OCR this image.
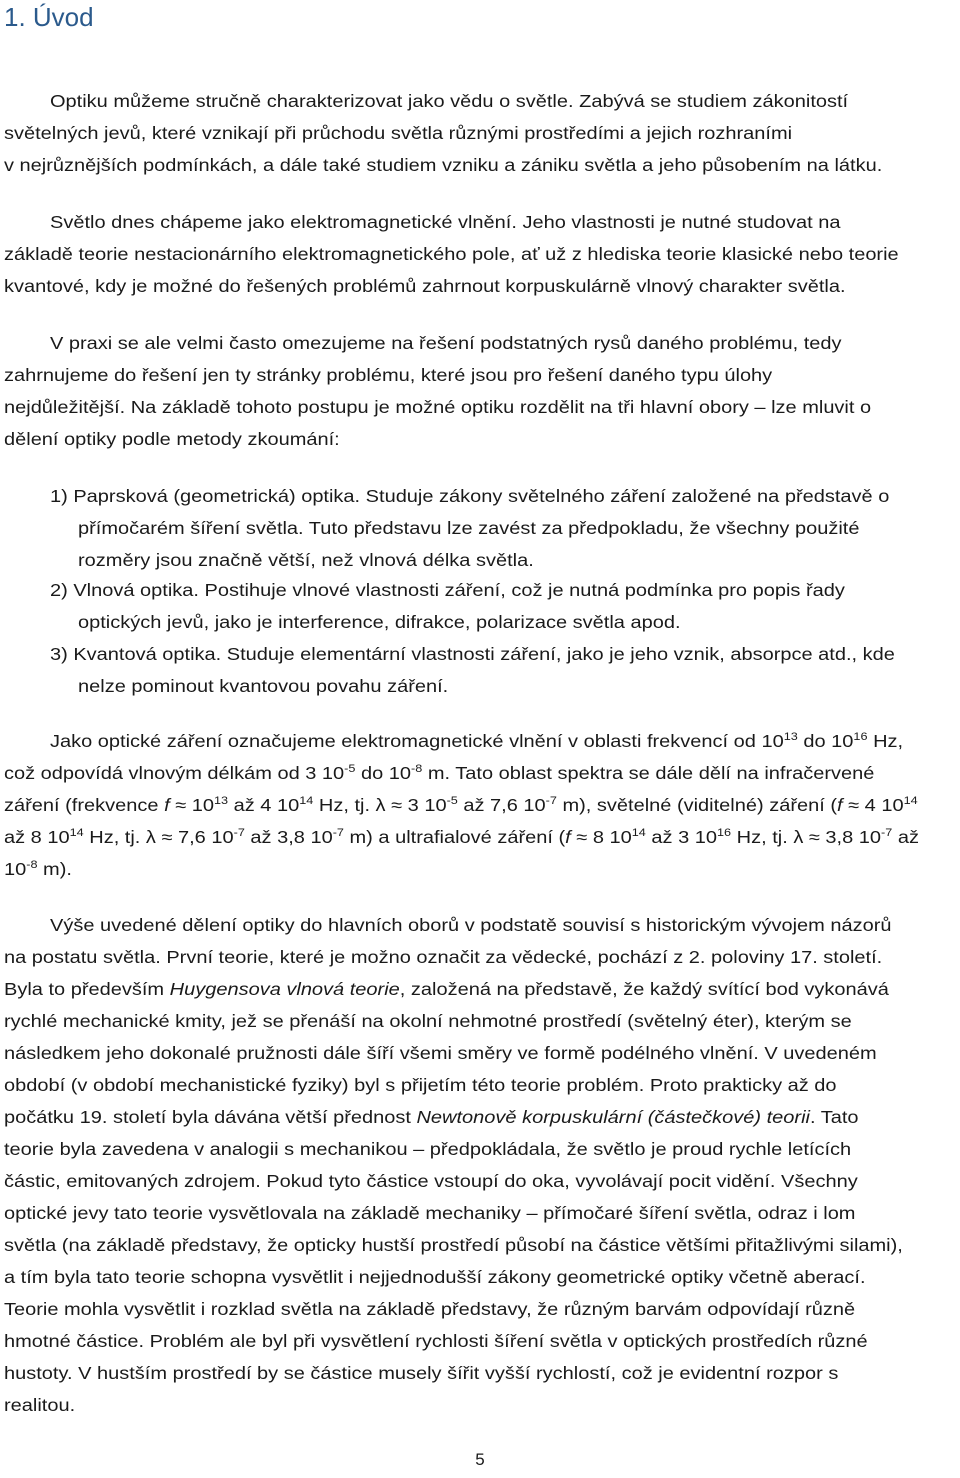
1. Úvod
Optiku můžeme stručně charakterizovat jako vědu o světle. Zabývá se studiem zákonitostí
světelných jevů, které vznikají při průchodu světla různými prostředími a jejich rozhraními
v nejrůznějších podmínkách, a dále také studiem vzniku a zániku světla a jeho působením na látku.
Světlo dnes chápeme jako elektromagnetické vlnění. Jeho vlastnosti je nutné studovat na
základě teorie nestacionárního elektromagnetického pole, ať už z hlediska teorie klasické nebo teorie
kvantové, kdy je možné do řešených problémů zahrnout korpuskulárně vlnový charakter světla.
V praxi se ale velmi často omezujeme na řešení podstatných rysů daného problému, tedy
zahrnujeme do řešení jen ty stránky problému, které jsou pro řešení daného typu úlohy
nejdůležitější. Na základě tohoto postupu je možné optiku rozdělit na tři hlavní obory – lze mluvit o
dělení optiky podle metody zkoumání:
1) Paprsková (geometrická) optika. Studuje zákony světelného záření založené na představě o
přímočarém šíření světla. Tuto představu lze zavést za předpokladu, že všechny použité
rozměry jsou značně větší, než vlnová délka světla.
2) Vlnová optika. Postihuje vlnové vlastnosti záření, což je nutná podmínka pro popis řady
optických jevů, jako je interference, difrakce, polarizace světla apod.
3) Kvantová optika. Studuje elementární vlastnosti záření, jako je jeho vznik, absorpce atd., kde
nelze pominout kvantovou povahu záření.
Jako optické záření označujeme elektromagnetické vlnění v oblasti frekvencí od $10^{13}$ do $10^{16}$ Hz,
což odpovídá vlnovým délkám od 3 $10^{-5}$ do $10^{-8}$ m. Tato oblast spektra se dále dělí na infračervené
záření (frekvence $f \approx 10^{13}$ až 4 $10^{14}$ Hz, tj. λ ≈ 3 $10^{-5}$ až 7,6 $10^{-7}$ m), světelné (viditelné) záření (f ≈ 4 $10^{14}$
až 8 $10^{14}$ Hz, tj. λ ≈ 7,6 $10^{-7}$ až 3,8 $10^{-7}$ m) a ultrafialové záření (f ≈ 8 $10^{14}$ až 3 $10^{16}$ Hz, tj. λ ≈ 3,8 $10^{-7}$ až
$10^{-8}$ m).
Výše uvedené dělení optiky do hlavních oborů v podstatě souvisí s historickým vývojem názorů
na postatu světla. První teorie, které je možno označit za vědecké, pochází z 2. poloviny 17. století.
Byla to především Huygensova vlnová teorie, založená na představě, že každý svítící bod vykonává
rychlé mechanické kmity, jež se přenáší na okolní nehmotné prostředí (světelný éter), kterým se
následkem jeho dokonalé pružnosti dále šíří všemi směry ve formě podélného vlnění. V uvedeném
období (v období mechanistické fyziky) byl s přijetím této teorie problém. Proto prakticky až do
počátku 19. století byla dávána větší přednost Newtonově korpuskulární (částečkové) teorii. Tato
teorie byla zavedena v analogii s mechanikou – předpokládala, že světlo je proud rychle letících
částic, emitovaných zdrojem. Pokud tyto částice vstoupí do oka, vyvolávají pocit vidění. Všechny
optické jevy tato teorie vysvětlovala na základě mechaniky – přímočaré šíření světla, odraz i lom
světla (na základě představy, že opticky hustší prostředí působí na částice většími přitažlivými silami),
a tím byla tato teorie schopna vysvětlit i nejjednodušší zákony geometrické optiky včetně aberací.
Teorie mohla vysvětlit i rozklad světla na základě představy, že různým barvám odpovídají různě
hmotné částice. Problém ale byl při vysvětlení rychlosti šíření světla v optických prostředích různé
hustoty. V hustším prostředí by se částice musely šířit vyšší rychlostí, což je evidentní rozpor s
realitou.
5
